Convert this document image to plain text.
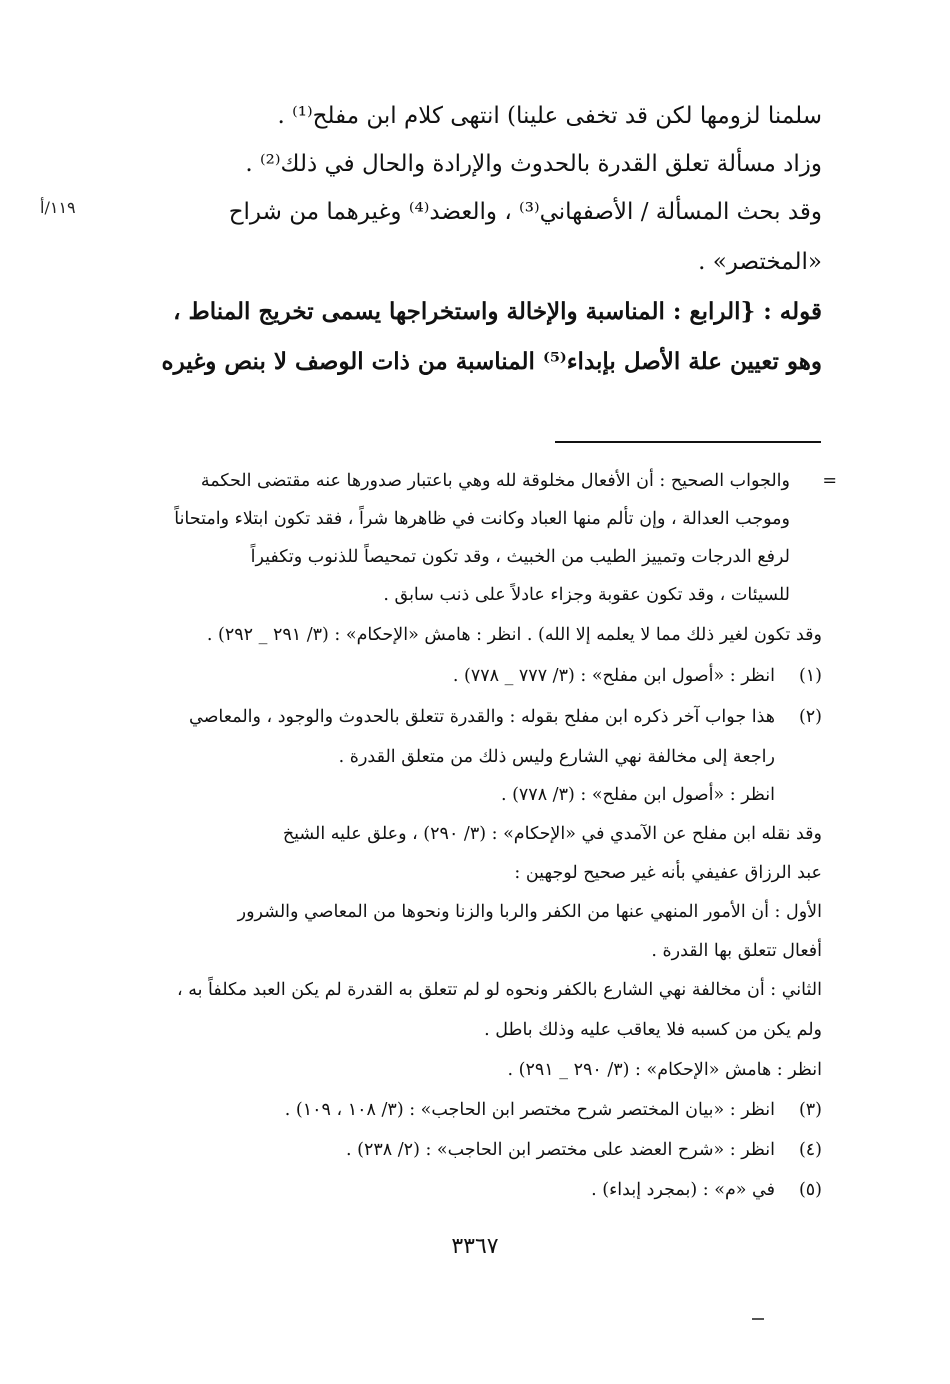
سلمنا لزومها لكن قد تخفى علينا) انتهى كلام ابن مفلح⁽¹⁾ .
وزاد مسألة تعلق القدرة بالحدوث والإرادة والحال في ذلك⁽²⁾ .
وقد بحث المسألة / الأصفهاني⁽³⁾ ، والعضد⁽⁴⁾ وغيرهما من شراح
«المختصر» .
قوله : {الرابع : المناسبة والإخالة واستخراجها يسمى تخريج المناط ،
وهو تعيين علة الأصل بإبداء⁽⁵⁾ المناسبة من ذات الوصف لا بنص وغيره
١١٩/أ
=
والجواب الصحيح : أن الأفعال مخلوقة لله وهي باعتبار صدورها عنه مقتضى الحكمة
وموجب العدالة ، وإن تألم منها العباد وكانت في ظاهرها شراً ، فقد تكون ابتلاء وامتحاناً
لرفع الدرجات وتمييز الطيب من الخبيث ، وقد تكون تمحيصاً للذنوب وتكفيراً
للسيئات ، وقد تكون عقوبة وجزاء عادلاً على ذنب سابق .
وقد تكون لغير ذلك مما لا يعلمه إلا الله) . انظر : هامش «الإحكام» : (٣/ ٢٩١ _ ٢٩٢) .
(١)
انظر : «أصول ابن مفلح» : (٣/ ٧٧٧ _ ٧٧٨) .
(٢)
هذا جواب آخر ذكره ابن مفلح بقوله : والقدرة تتعلق بالحدوث والوجود ، والمعاصي
راجعة إلى مخالفة نهي الشارع وليس ذلك من متعلق القدرة .
انظر : «أصول ابن مفلح» : (٣/ ٧٧٨) .
وقد نقله ابن مفلح عن الآمدي في «الإحكام» : (٣/ ٢٩٠) ، وعلق عليه الشيخ
عبد الرزاق عفيفي بأنه غير صحيح لوجهين :
الأول : أن الأمور المنهي عنها من الكفر والربا والزنا ونحوها من المعاصي والشرور
أفعال تتعلق بها القدرة .
الثاني : أن مخالفة نهي الشارع بالكفر ونحوه لو لم تتعلق به القدرة لم يكن العبد مكلفاً به ،
ولم يكن من كسبه فلا يعاقب عليه وذلك باطل .
انظر : هامش «الإحكام» : (٣/ ٢٩٠ _ ٢٩١) .
(٣)
انظر : «بيان المختصر شرح مختصر ابن الحاجب» : (٣/ ١٠٨ ، ١٠٩) .
(٤)
انظر : «شرح العضد على مختصر ابن الحاجب» : (٢/ ٢٣٨) .
(٥)
في «م» : (بمجرد إبداء) .
٣٣٦٧
